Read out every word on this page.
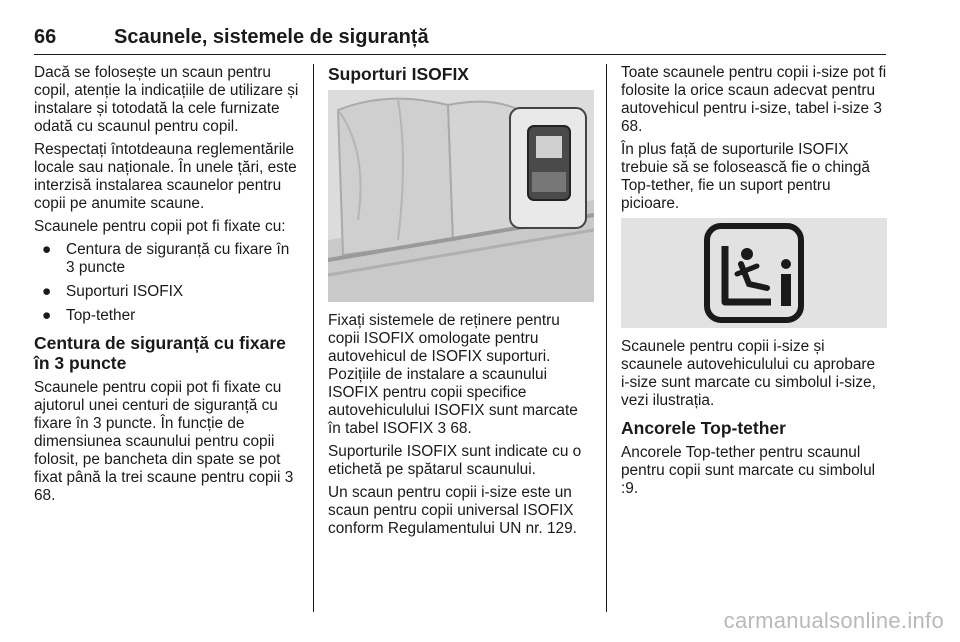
66	Scaunele, sistemele de siguranță

Dacă se folosește un scaun pentru copil, atenție la indicațiile de utilizare și instalare și totodată la cele furnizate odată cu scaunul pentru copil.

Respectați întotdeauna reglementările locale sau naționale. În unele țări, este interzisă instalarea scaunelor pentru copii pe anumite scaune.

Scaunele pentru copii pot fi fixate cu:

● Centura de siguranță cu fixare în 3 puncte
● Suporturi ISOFIX
● Top-tether
Centura de siguranță cu fixare în 3 puncte

Scaunele pentru copii pot fi fixate cu ajutorul unei centuri de siguranță cu fixare în 3 puncte. În funcție de dimensiunea scaunului pentru copii folosit, pe bancheta din spate se pot fixat până la trei scaune pentru copii 3 68.

Suporturi ISOFIX

Fixați sistemele de reținere pentru copii ISOFIX omologate pentru autovehicul de ISOFIX suporturi. Pozițiile de instalare a scaunului ISOFIX pentru copii specifice autovehiculului ISOFIX sunt marcate în tabel ISOFIX 3 68.

Suporturile ISOFIX sunt indicate cu o etichetă pe spătarul scaunului.

Un scaun pentru copii i-size este un scaun pentru copii universal ISOFIX conform Regulamentului UN nr. 129.

Toate scaunele pentru copii i-size pot fi folosite la orice scaun adecvat pentru autovehicul pentru i-size, tabel i-size 3 68.

În plus față de suporturile ISOFIX trebuie să se folosească fie o chingă Top-tether, fie un suport pentru picioare.

Scaunele pentru copii i-size și scaunele autovehiculului cu aprobare i-size sunt marcate cu simbolul i-size, vezi ilustrația.

Ancorele Top-tether

Ancorele Top-tether pentru scaunul pentru copii sunt marcate cu simbolul :9.

carmanualsonline.info
